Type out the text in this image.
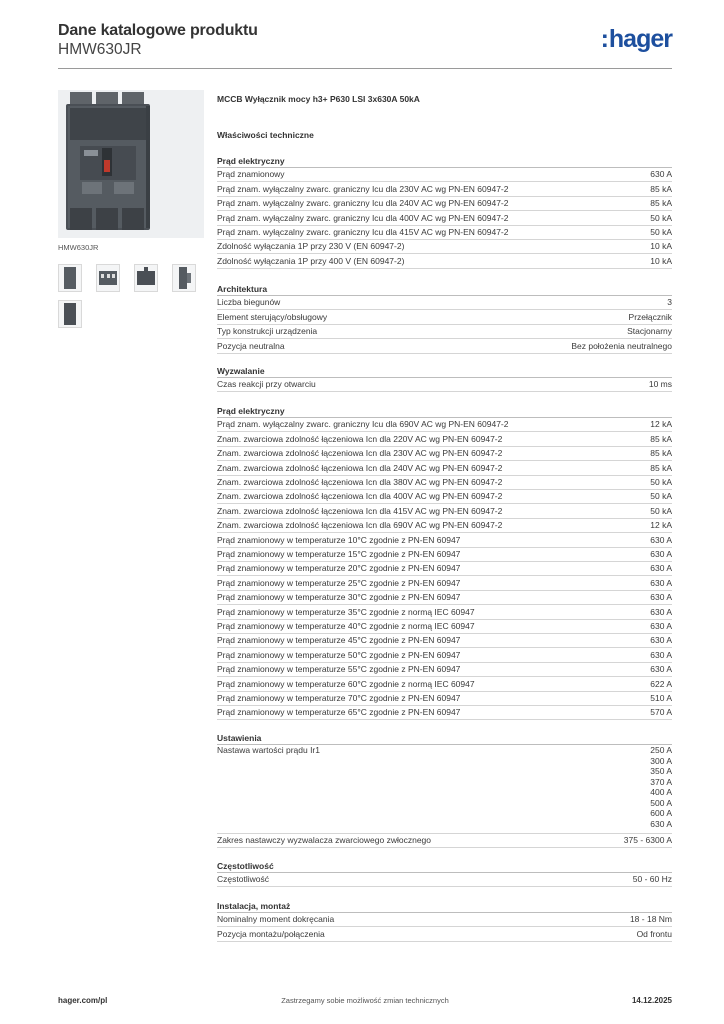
Dane katalogowe produktu
HMW630JR	:hager
HMW630JR
MCCB Wyłącznik mocy h3+ P630 LSI 3x630A 50kA
Właściwości techniczne
Prąd elektryczny
Prąd znamionowy	630 A
Prąd znam. wyłączalny zwarc. graniczny Icu dla 230V AC wg PN-EN 60947-2	85 kA
Prąd znam. wyłączalny zwarc. graniczny Icu dla 240V AC wg PN-EN 60947-2	85 kA
Prąd znam. wyłączalny zwarc. graniczny Icu dla 400V AC wg PN-EN 60947-2	50 kA
Prąd znam. wyłączalny zwarc. graniczny Icu dla 415V AC wg PN-EN 60947-2	50 kA
Zdolność wyłączania 1P przy 230 V (EN 60947-2)	10 kA
Zdolność wyłączania 1P przy 400 V (EN 60947-2)	10 kA
Architektura
Liczba biegunów	3
Element sterujący/obsługowy	Przełącznik
Typ konstrukcji urządzenia	Stacjonarny
Pozycja neutralna	Bez położenia neutralnego
Wyzwalanie
Czas reakcji przy otwarciu	10 ms
Prąd elektryczny
Prąd znam. wyłączalny zwarc. graniczny Icu dla 690V AC wg PN-EN 60947-2	12 kA
Znam. zwarciowa zdolność łączeniowa Icn dla 220V AC wg PN-EN 60947-2	85 kA
Znam. zwarciowa zdolność łączeniowa Icn dla 230V AC wg PN-EN 60947-2	85 kA
Znam. zwarciowa zdolność łączeniowa Icn dla 240V AC wg PN-EN 60947-2	85 kA
Znam. zwarciowa zdolność łączeniowa Icn dla 380V AC wg PN-EN 60947-2	50 kA
Znam. zwarciowa zdolność łączeniowa Icn dla 400V AC wg PN-EN 60947-2	50 kA
Znam. zwarciowa zdolność łączeniowa Icn dla 415V AC wg PN-EN 60947-2	50 kA
Znam. zwarciowa zdolność łączeniowa Icn dla 690V AC wg PN-EN 60947-2	12 kA
Prąd znamionowy w temperaturze 10°C zgodnie z PN-EN 60947	630 A
Prąd znamionowy w temperaturze 15°C zgodnie z PN-EN 60947	630 A
Prąd znamionowy w temperaturze 20°C zgodnie z PN-EN 60947	630 A
Prąd znamionowy w temperaturze 25°C zgodnie z PN-EN 60947	630 A
Prąd znamionowy w temperaturze 30°C zgodnie z PN-EN 60947	630 A
Prąd znamionowy w temperaturze 35°C zgodnie z normą IEC 60947	630 A
Prąd znamionowy w temperaturze 40°C zgodnie z normą IEC 60947	630 A
Prąd znamionowy w temperaturze 45°C zgodnie z PN-EN 60947	630 A
Prąd znamionowy w temperaturze 50°C zgodnie z PN-EN 60947	630 A
Prąd znamionowy w temperaturze 55°C zgodnie z PN-EN 60947	630 A
Prąd znamionowy w temperaturze 60°C zgodnie z normą IEC 60947	622 A
Prąd znamionowy w temperaturze 70°C zgodnie z PN-EN 60947	510 A
Prąd znamionowy w temperaturze 65°C zgodnie z PN-EN 60947	570 A
Ustawienia
Nastawa wartości prądu Ir1	250 A
300 A
350 A
370 A
400 A
500 A
600 A
630 A
Zakres nastawczy wyzwalacza zwarciowego zwłocznego	375 - 6300 A
Częstotliwość
Częstotliwość	50 - 60 Hz
Instalacja, montaż
Nominalny moment dokręcania	18 - 18 Nm
Pozycja montażu/połączenia	Od frontu
hager.com/pl	Zastrzegamy sobie możliwość zmian technicznych	14.12.2025
